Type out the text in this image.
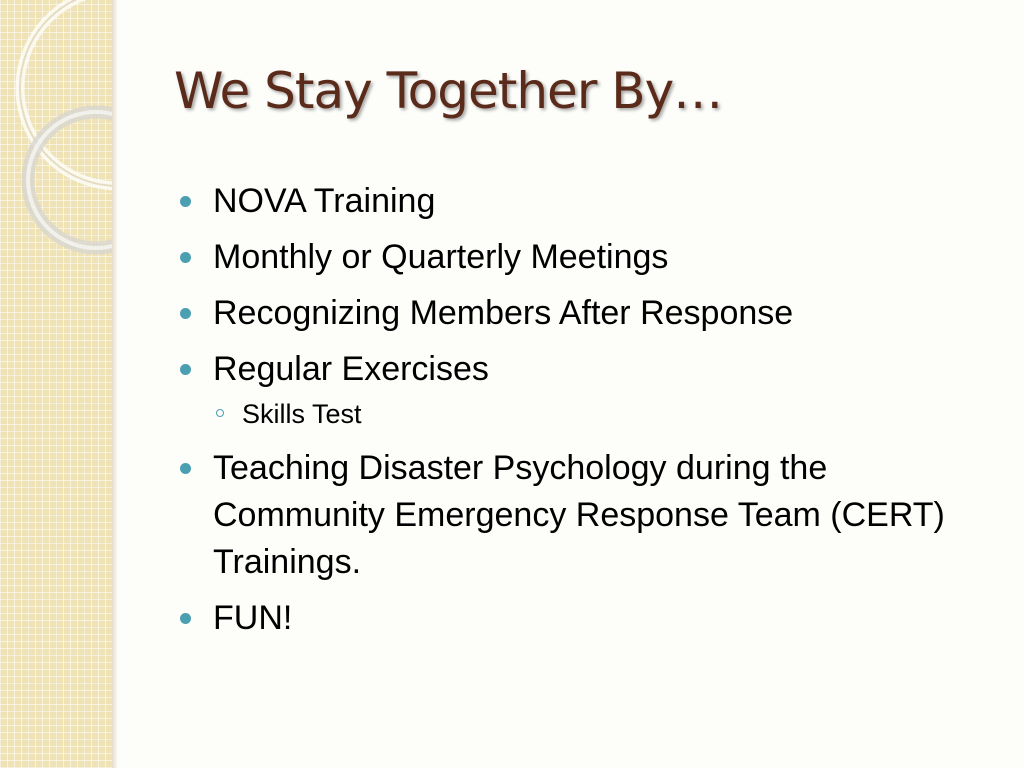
We Stay Together By…
NOVA Training
Monthly or Quarterly Meetings
Recognizing Members After Response
Regular Exercises
Skills Test
Teaching Disaster Psychology during the Community Emergency Response Team (CERT) Trainings.
FUN!
